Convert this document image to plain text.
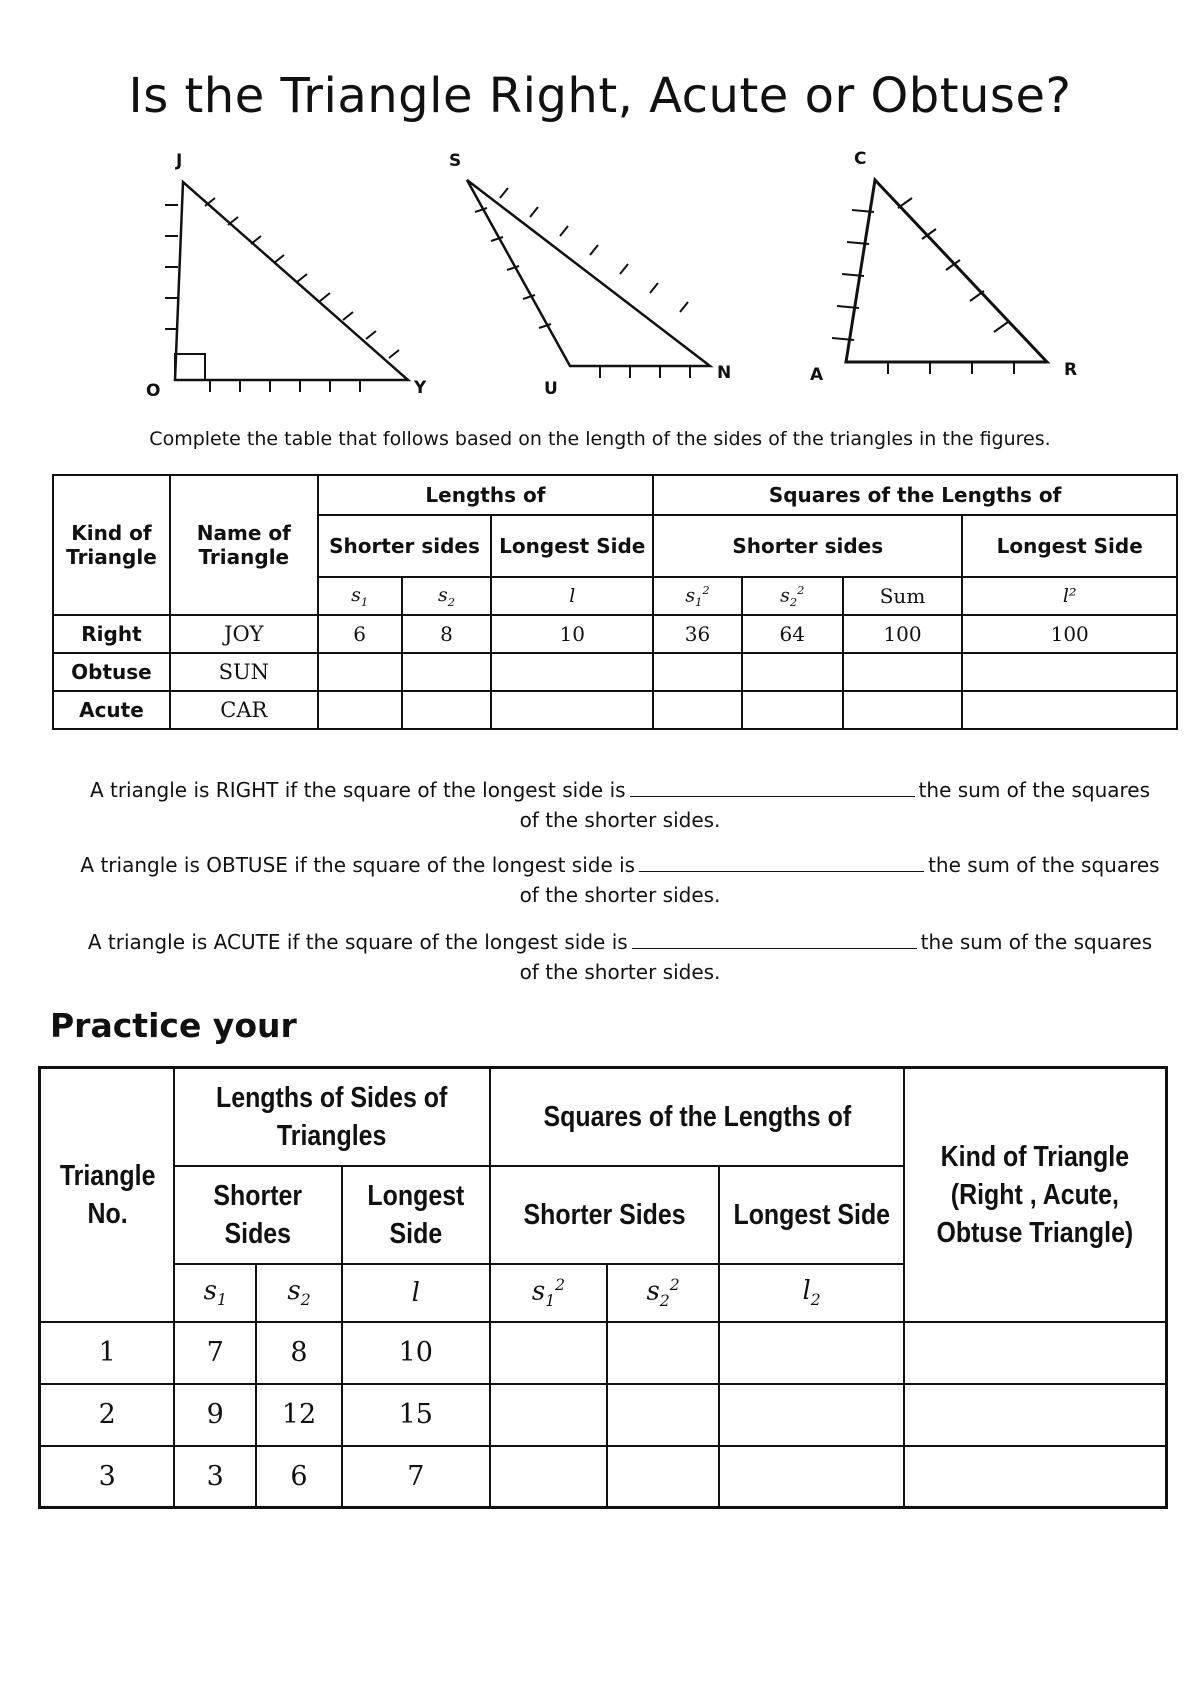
Is the Triangle Right, Acute or Obtuse?
J
O	Y
S
U
N
C
A	R
Complete the table that follows based on the length of the sides of the triangles in the figures.
Kind of Triangle	Name of Triangle	Lengths of			Squares of the Lengths of			
		Shorter sides		Longest Side	Shorter sides			Longest Side
		$s_1$	$s_2$	l	$s_1^2$	$s_2^2$	Sum	l²
Right	JOY	6	8	10	36	64	100	100
Obtuse	SUN							
Acute	CAR							
A triangle is RIGHT if the square of the longest side is	the sum of the squares of the shorter sides.
A triangle is OBTUSE if the square of the longest side is	the sum of the squares of the shorter sides.
A triangle is ACUTE if the square of the longest side is	the sum of the squares of the shorter sides.
Practice your
Triangle No.	Lengths of Sides of Triangles			Squares of the Lengths of			Kind of Triangle (Right , Acute, Obtuse Triangle)
	Shorter Sides		Longest Side	Shorter Sides		Longest Side	
	$s_1$	$s_2$	l	$s_1^2$	$s_2^2$	$l_2$
1	7	8	10				
2	9	12	15				
3	3	6	7				
